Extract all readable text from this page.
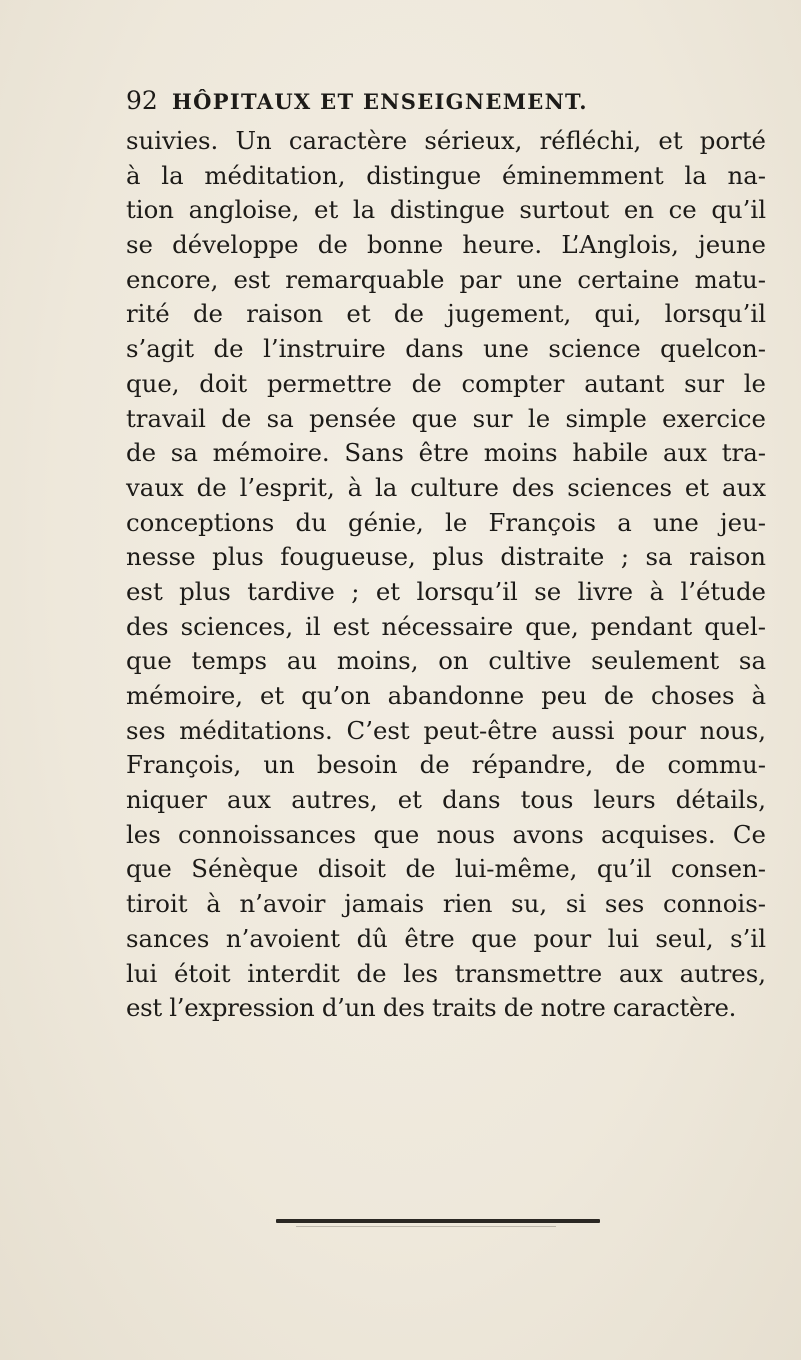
92 HÔPITAUX ET ENSEIGNEMENT.
suivies. Un caractère sérieux, réfléchi, et porté
à la méditation, distingue éminemment la na-
tion angloise, et la distingue surtout en ce qu’il
se développe de bonne heure. L’Anglois, jeune
encore, est remarquable par une certaine matu-
rité de raison et de jugement, qui, lorsqu’il
s’agit de l’instruire dans une science quelcon-
que, doit permettre de compter autant sur le
travail de sa pensée que sur le simple exercice
de sa mémoire. Sans être moins habile aux tra-
vaux de l’esprit, à la culture des sciences et aux
conceptions du génie, le François a une jeu-
nesse plus fougueuse, plus distraite ; sa raison
est plus tardive ; et lorsqu’il se livre à l’étude
des sciences, il est nécessaire que, pendant quel-
que temps au moins, on cultive seulement sa
mémoire, et qu’on abandonne peu de choses à
ses méditations. C’est peut-être aussi pour nous,
François, un besoin de répandre, de commu-
niquer aux autres, et dans tous leurs détails,
les connoissances que nous avons acquises. Ce
que Sénèque disoit de lui-même, qu’il consen-
tiroit à n’avoir jamais rien su, si ses connois-
sances n’avoient dû être que pour lui seul, s’il
lui étoit interdit de les transmettre aux autres,
est l’expression d’un des traits de notre caractère.
